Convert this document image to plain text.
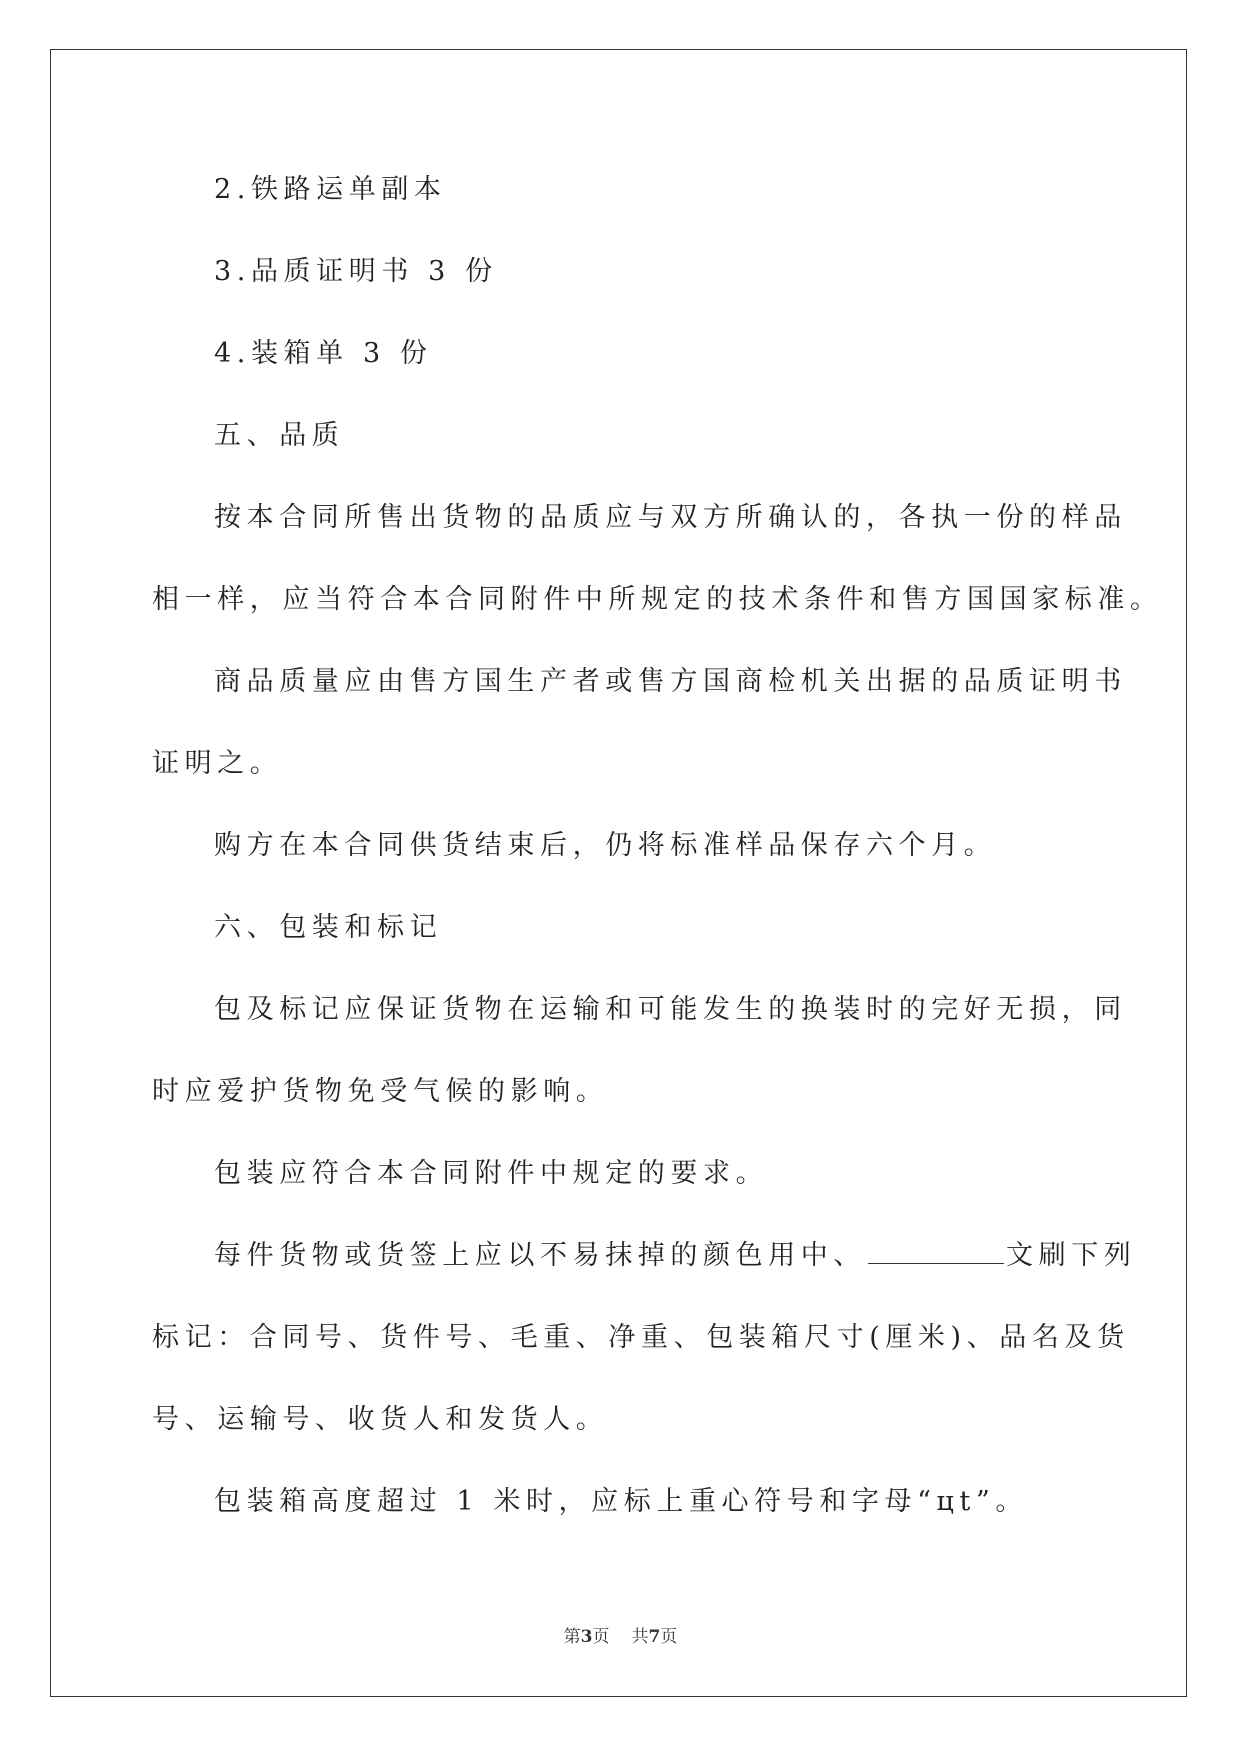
2.铁路运单副本
3.品质证明书 3 份
4.装箱单 3 份
五、品质
按本合同所售出货物的品质应与双方所确认的，各执一份的样品
相一样，应当符合本合同附件中所规定的技术条件和售方国国家标准。
商品质量应由售方国生产者或售方国商检机关出据的品质证明书
证明之。
购方在本合同供货结束后，仍将标准样品保存六个月。
六、包装和标记
包及标记应保证货物在运输和可能发生的换装时的完好无损，同
时应爱护货物免受气候的影响。
包装应符合本合同附件中规定的要求。
每件货物或货签上应以不易抹掉的颜色用中、	文刷下列
标记：合同号、货件号、毛重、净重、包装箱尺寸(厘米)、品名及货
号、运输号、收货人和发货人。
包装箱高度超过 1 米时，应标上重心符号和字母“цt”。
第3页 共7页
